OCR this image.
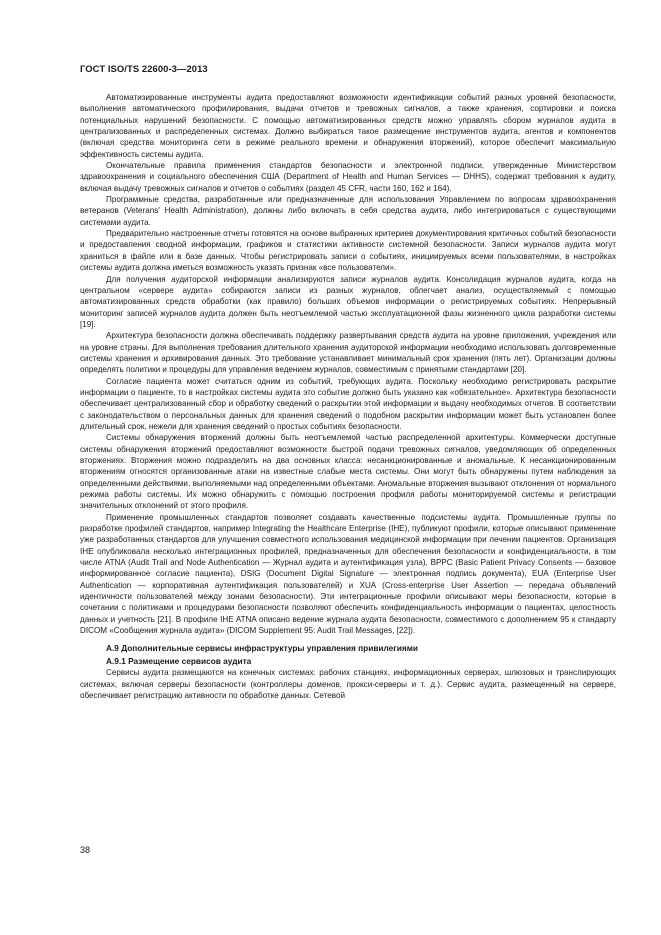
ГОСТ ISO/TS 22600-3—2013

Автоматизированные инструменты аудита предоставляют возможности идентификации событий разных уровней безопасности, выполнения автоматического профилирования, выдачи отчетов и тревожных сигналов, а также хранения, сортировки и поиска потенциальных нарушений безопасности. С помощью автоматизированных средств можно управлять сбором журналов аудита в централизованных и распределенных системах. Должно выбираться такое размещение инструментов аудита, агентов и компонентов (включая средства мониторинга сети в режиме реального времени и обнаружения вторжений), которое обеспечит максимальную эффективность системы аудита.

Окончательные правила применения стандартов безопасности и электронной подписи, утвержденные Министерством здравоохранения и социального обеспечения США (Department of Health and Human Services — DHHS), содержат требования к аудиту, включая выдачу тревожных сигналов и отчетов о событиях (раздел 45 CFR, части 160, 162 и 164).

Программные средства, разработанные или предназначенные для использования Управлением по вопросам здравоохранения ветеранов (Veterans' Health Administration), должны либо включать в себя средства аудита, либо интегрироваться с существующими системами аудита.

Предварительно настроенные отчеты готовятся на основе выбранных критериев документирования критичных событий безопасности и предоставления сводной информации, графиков и статистики активности системной безопасности. Записи журналов аудита могут храниться в файле или в базе данных. Чтобы регистрировать записи о событиях, инициируемых всеми пользователями, в настройках системы аудита должна иметься возможность указать признак «все пользователи».

Для получения аудиторской информации анализируются записи журналов аудита. Консолидация журналов аудита, когда на центральном «сервере аудита» собираются записи из разных журналов, облегчает анализ, осуществляемый с помощью автоматизированных средств обработки (как правило) больших объемов информации о регистрируемых событиях. Непрерывный мониторинг записей журналов аудита должен быть неотъемлемой частью эксплуатационной фазы жизненного цикла разработки системы [19].

Архитектура безопасности должна обеспечивать поддержку развертывания средств аудита на уровне приложения, учреждения или на уровне страны. Для выполнения требования длительного хранения аудиторской информации необходимо использовать долговременные системы хранения и архивирования данных. Это требование устанавливает минимальный срок хранения (пять лет). Организации должны определять политики и процедуры для управления ведением журналов, совместимым с принятыми стандартами [20].

Согласие пациента может считаться одним из событий, требующих аудита. Поскольку необходимо регистрировать раскрытие информации о пациенте, то в настройках системы аудита это событие должно быть указано как «обязательное». Архитектура безопасности обеспечивает централизованный сбор и обработку сведений о раскрытии этой информации и выдачу необходимых отчетов. В соответствии с законодательством о персональных данных для хранения сведений о подобном раскрытии информации может быть установлен более длительный срок, нежели для хранения сведений о простых событиях безопасности.

Системы обнаружения вторжений должны быть неотъемлемой частью распределенной архитектуры. Коммерчески доступные системы обнаружения вторжений предоставляют возможности быстрой подачи тревожных сигналов, уведомляющих об определенных вторжениях. Вторжения можно подразделить на два основных класса: несанкционированные и аномальные. К несанкционированным вторжениям относятся организованные атаки на известные слабые места системы. Они могут быть обнаружены путем наблюдения за определенными действиями, выполняемыми над определенными объектами. Аномальные вторжения вызывают отклонения от нормального режима работы системы. Их можно обнаружить с помощью построения профиля работы мониторируемой системы и регистрации значительных отклонений от этого профиля.

Применение промышленных стандартов позволяет создавать качественные подсистемы аудита. Промышленные группы по разработке профилей стандартов, например Integrating the Healthcare Enterprise (IHE), публикуют профили, которые описывают применение уже разработанных стандартов для улучшения совместного использования медицинской информации при лечении пациентов. Организация IHE опубликовала несколько интеграционных профилей, предназначенных для обеспечения безопасности и конфиденциальности, в том числе ATNA (Audit Trail and Node Authentication — Журнал аудита и аутентификация узла), BPPC (Basic Patient Privacy Consents — базовое информированное согласие пациента), DSIG (Document Digital Signature — электронная подпись документа), EUA (Enterprise User Authentication — корпоративная аутентификация пользователей) и XUA (Cross-enterprise User Assertion — передача объявлений идентичности пользователей между зонами безопасности). Эти интеграционные профили описывают меры безопасности, которые в сочетании с политиками и процедурами безопасности позволяют обеспечить конфиденциальность информации о пациентах, целостность данных и учетность [21]. В профиле IHE ATNA описано ведение журнала аудита безопасности, совместимого с дополнением 95 к стандарту DICOM «Сообщения журнала аудита» (DICOM Supplement 95: Audit Trail Messages, [22]).

А.9 Дополнительные сервисы инфраструктуры управления привилегиями

А.9.1 Размещение сервисов аудита

Сервисы аудита размещаются на конечных системах: рабочих станциях, информационных серверах, шлюзовых и транслирующих системах, включая серверы безопасности (контроллеры доменов, прокси-серверы и т. д.). Сервис аудита, размещенный на сервере, обеспечивает регистрацию активности по обработке данных. Сетевой

38
